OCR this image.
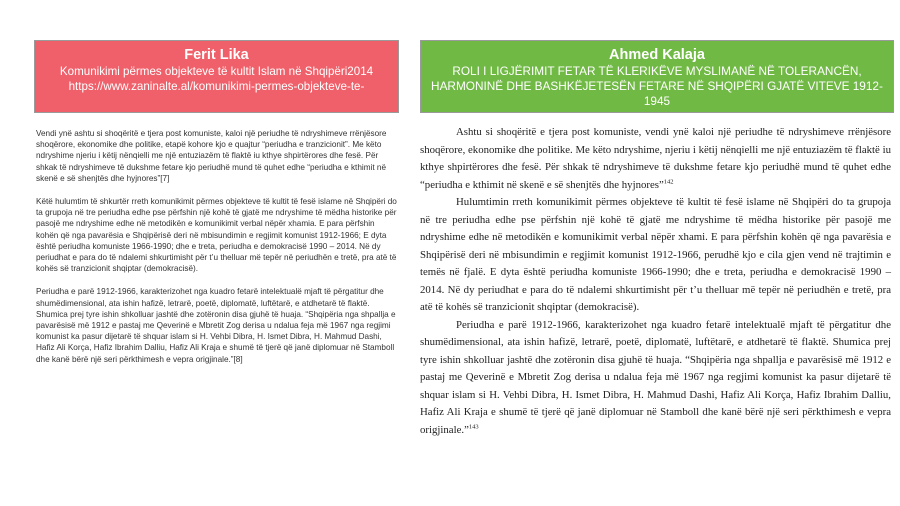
Ferit Lika
Komunikimi përmes objekteve të kultit Islam në Shqipëri2014
https://www.zaninalte.al/komunikimi-permes-objekteve-te-
Ahmed Kalaja
ROLI I LIGJËRIMIT FETAR TË KLERIKËVE MYSLIMANË NË TOLERANCËN,
HARMONINË DHE BASHKËJETESËN FETARE NË SHQIPËRI GJATË VITEVE 1912-1945

Vendi ynë ashtu si shoqëritë e tjera post komuniste, kaloi një periudhe të ndryshimeve rrënjësore shoqërore, ekonomike dhe politike, etapë kohore kjo e quajtur “periudha e tranzicionit”. Me këto ndryshime njeriu i këtij nënqielli me një entuziazëm të flaktë iu kthye shpirtërores dhe fesë. Për shkak të ndryshimeve të dukshme fetare kjo periudhë mund të quhet edhe “periudha e kthimit në skenë e së shenjtës dhe hyjnores”[7]

Këtë hulumtim të shkurtër rreth komunikimit përmes objekteve të kultit të fesë islame në Shqipëri do ta grupoja në tre periudha edhe pse përfshin një kohë të gjatë me ndryshime të mëdha historike për pasojë me ndryshime edhe në metodikën e komunikimit verbal nëpër xhamia. E para përfshin kohën që nga pavarësia e Shqipërisë deri në mbisundimin e regjimit komunist 1912-1966; E dyta është periudha komuniste 1966-1990; dhe e treta, periudha e demokracisë 1990 – 2014. Në dy periudhat e para do të ndalemi shkurtimisht për t’u thelluar më tepër në periudhën e tretë, pra atë të kohës së tranzicionit shqiptar (demokracisë).

Periudha e parë 1912-1966, karakterizohet nga kuadro fetarë intelektualë mjaft të përgatitur dhe shumëdimensional, ata ishin hafizë, letrarë, poetë, diplomatë, luftëtarë, e atdhetarë të flaktë. Shumica prej tyre ishin shkolluar jashtë dhe zotëronin disa gjuhë të huaja. “Shqipëria nga shpallja e pavarësisë më 1912 e pastaj me Qeverinë e Mbretit Zog derisa u ndalua feja më 1967 nga regjimi komunist ka pasur dijetarë të shquar islam si H. Vehbi Dibra, H. Ismet Dibra, H. Mahmud Dashi, Hafiz Ali Korça, Hafiz Ibrahim Dalliu, Hafiz Ali Kraja e shumë të tjerë që janë diplomuar në Stamboll dhe kanë bërë një seri përkthimesh e vepra origjinale.”[8]

Ashtu si shoqëritë e tjera post komuniste, vendi ynë kaloi një periudhe të ndryshimeve rrënjësore shoqërore, ekonomike dhe politike. Me këto ndryshime, njeriu i këtij nënqielli me një entuziazëm të flaktë iu kthye shpirtërores dhe fesë. Për shkak të ndryshimeve të dukshme fetare kjo periudhë mund të quhet edhe “periudha e kthimit në skenë e së shenjtës dhe hyjnores”$^{142}$

Hulumtimin rreth komunikimit përmes objekteve të kultit të fesë islame në Shqipëri do ta grupoja në tre periudha edhe pse përfshin një kohë të gjatë me ndryshime të mëdha historike për pasojë me ndryshime edhe në metodikën e komunikimit verbal nëpër xhami. E para përfshin kohën që nga pavarësia e Shqipërisë deri në mbisundimin e regjimit komunist 1912-1966, perudhë kjo e cila gjen vend në trajtimin e temës në fjalë. E dyta është periudha komuniste 1966-1990; dhe e treta, periudha e demokracisë 1990 – 2014. Në dy periudhat e para do të ndalemi shkurtimisht për t’u thelluar më tepër në periudhën e tretë, pra atë të kohës së tranzicionit shqiptar (demokracisë).

Periudha e parë 1912-1966, karakterizohet nga kuadro fetarë intelektualë mjaft të përgatitur dhe shumëdimensional, ata ishin hafizë, letrarë, poetë, diplomatë, luftëtarë, e atdhetarë të flaktë. Shumica prej tyre ishin shkolluar jashtë dhe zotëronin disa gjuhë të huaja. “Shqipëria nga shpallja e pavarësisë më 1912 e pastaj me Qeverinë e Mbretit Zog derisa u ndalua feja më 1967 nga regjimi komunist ka pasur dijetarë të shquar islam si H. Vehbi Dibra, H. Ismet Dibra, H. Mahmud Dashi, Hafiz Ali Korça, Hafiz Ibrahim Dalliu, Hafiz Ali Kraja e shumë të tjerë që janë diplomuar në Stamboll dhe kanë bërë një seri përkthimesh e vepra origjinale.”$^{143}$
